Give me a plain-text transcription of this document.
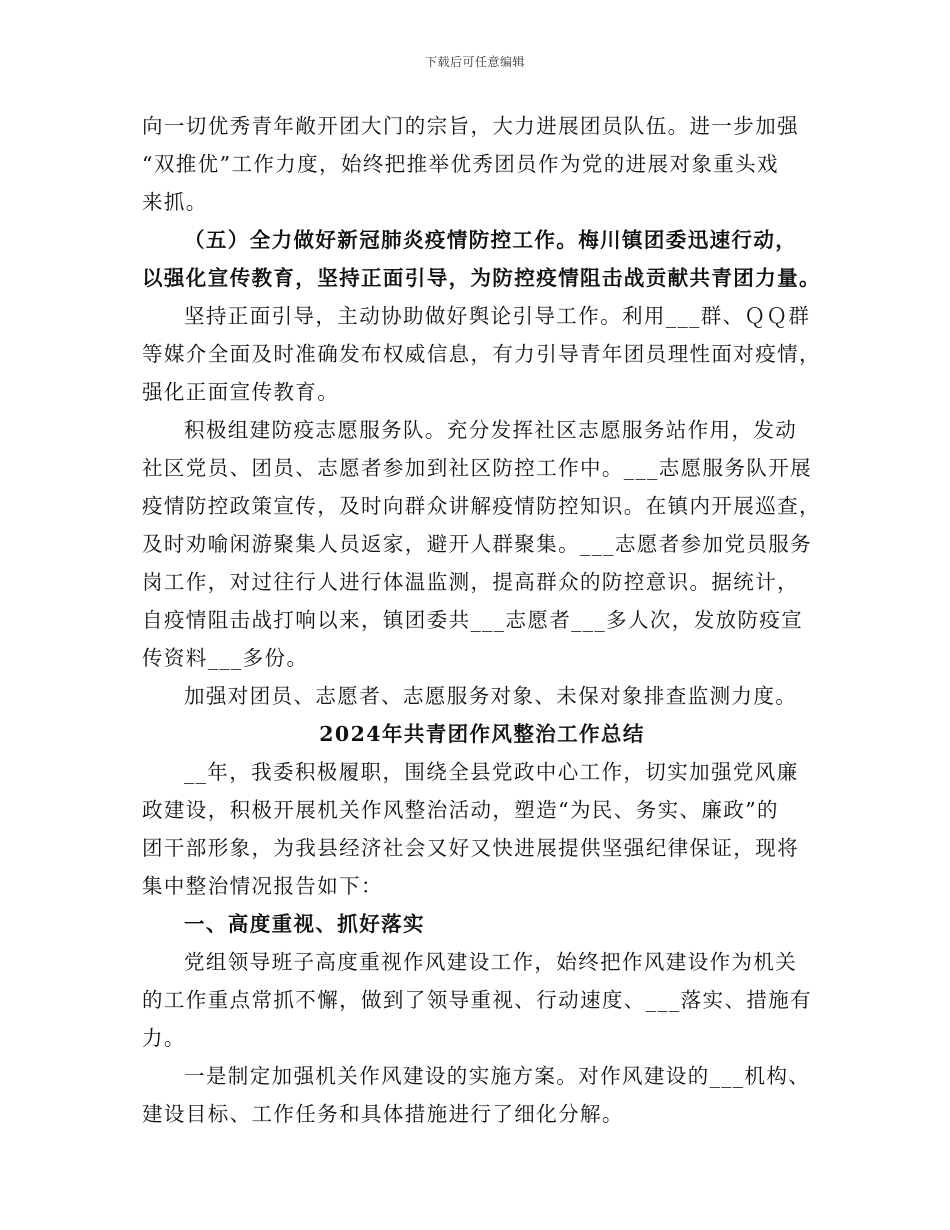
下载后可任意编辑
向一切优秀青年敞开团大门的宗旨，大力进展团员队伍。进一步加强
“双推优”工作力度，始终把推举优秀团员作为党的进展对象重头戏
来抓。
（五）全力做好新冠肺炎疫情防控工作。梅川镇团委迅速行动，
以强化宣传教育，坚持正面引导，为防控疫情阻击战贡献共青团力量。
坚持正面引导，主动协助做好舆论引导工作。利用___群、ＱＱ群
等媒介全面及时准确发布权威信息，有力引导青年团员理性面对疫情，
强化正面宣传教育。
积极组建防疫志愿服务队。充分发挥社区志愿服务站作用，发动
社区党员、团员、志愿者参加到社区防控工作中。___志愿服务队开展
疫情防控政策宣传，及时向群众讲解疫情防控知识。在镇内开展巡查，
及时劝喻闲游聚集人员返家，避开人群聚集。___志愿者参加党员服务
岗工作，对过往行人进行体温监测，提高群众的防控意识。据统计，
自疫情阻击战打响以来，镇团委共___志愿者___多人次，发放防疫宣
传资料___多份。
加强对团员、志愿者、志愿服务对象、未保对象排查监测力度。
2024年共青团作风整治工作总结
__年，我委积极履职，围绕全县党政中心工作，切实加强党风廉
政建设，积极开展机关作风整治活动，塑造“为民、务实、廉政”的
团干部形象，为我县经济社会又好又快进展提供坚强纪律保证，现将
集中整治情况报告如下：
一、高度重视、抓好落实
党组领导班子高度重视作风建设工作，始终把作风建设作为机关
的工作重点常抓不懈，做到了领导重视、行动速度、___落实、措施有
力。
一是制定加强机关作风建设的实施方案。对作风建设的___机构、
建设目标、工作任务和具体措施进行了细化分解。
